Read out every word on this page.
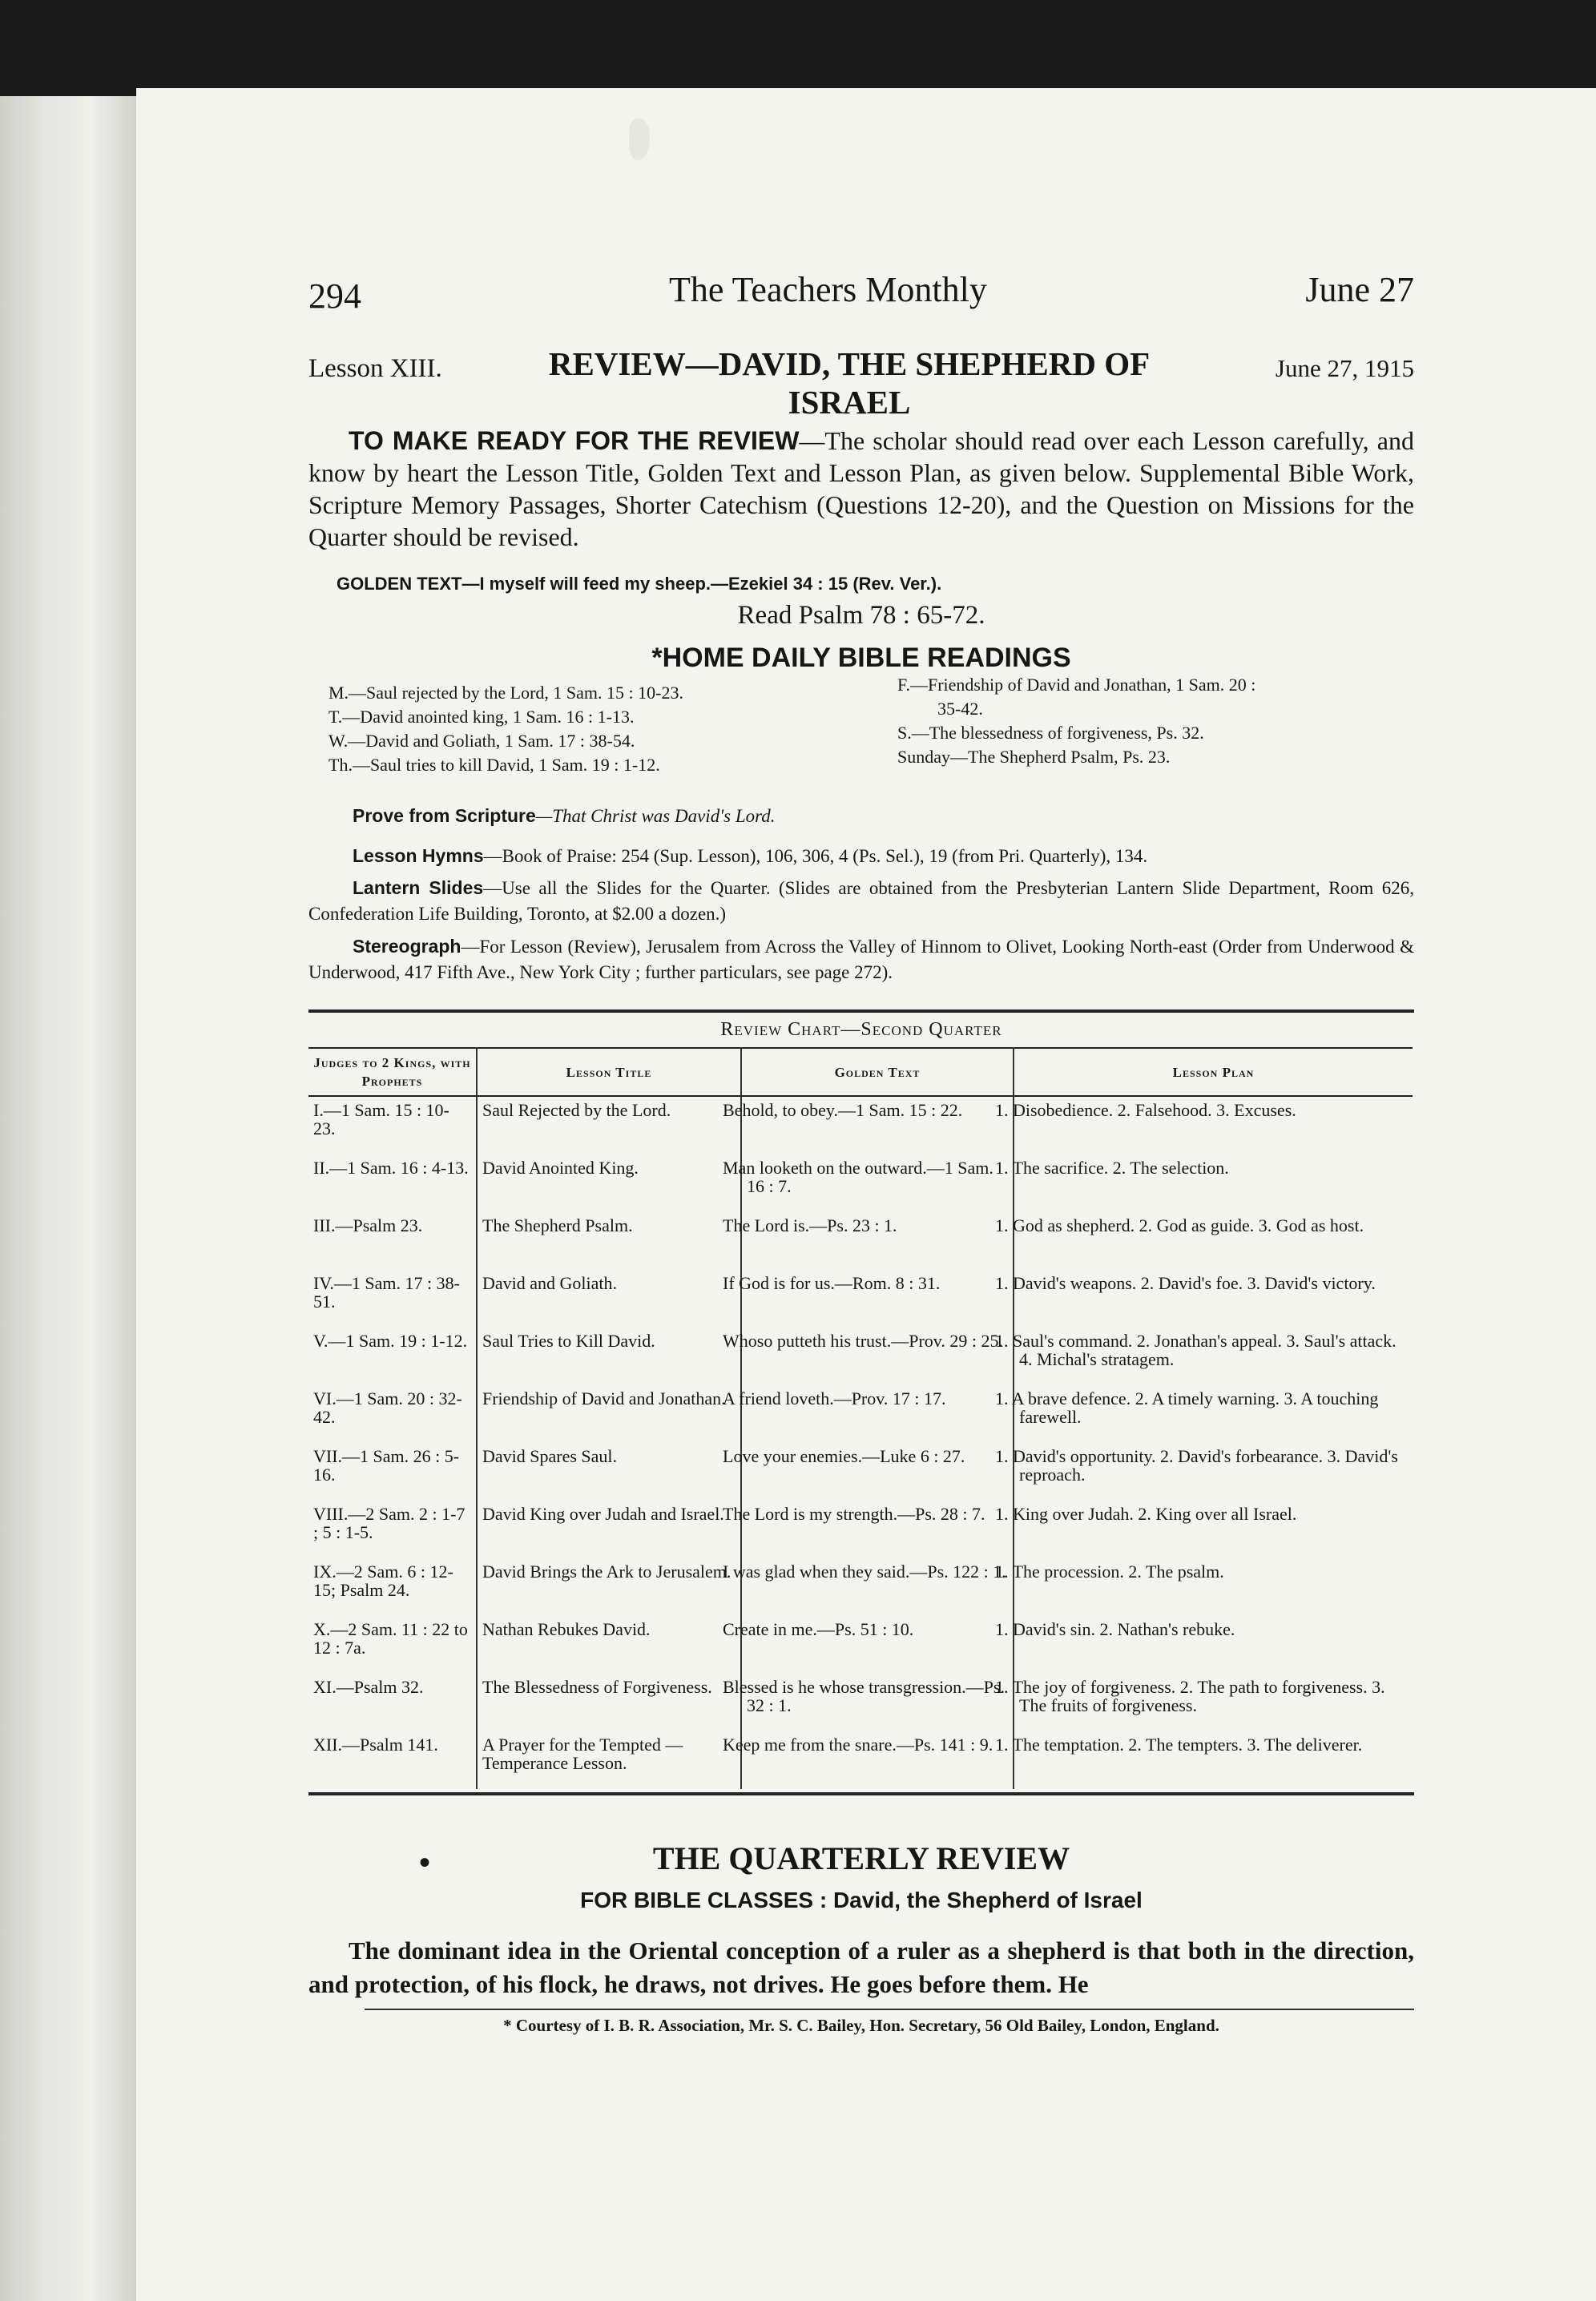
294	The Teachers Monthly	June 27
Lesson XIII.	REVIEW—DAVID, THE SHEPHERD OF
ISRAEL
June 27, 1915
TO MAKE READY FOR THE REVIEW—The scholar should read over each Lesson carefully, and know by heart the Lesson Title, Golden Text and Lesson Plan, as given below. Supplemental Bible Work, Scripture Memory Passages, Shorter Catechism (Questions 12-20), and the Question on Missions for the Quarter should be revised.
GOLDEN TEXT—I myself will feed my sheep.—Ezekiel 34 : 15 (Rev. Ver.).
Read Psalm 78 : 65-72.
*HOME DAILY BIBLE READINGS
M.—Saul rejected by the Lord, 1 Sam. 15 : 10-23.
T.—David anointed king, 1 Sam. 16 : 1-13.
W.—David and Goliath, 1 Sam. 17 : 38-54.
Th.—Saul tries to kill David, 1 Sam. 19 : 1-12.
F.—Friendship of David and Jonathan, 1 Sam. 20 :
35-42.
S.—The blessedness of forgiveness, Ps. 32.
Sunday—The Shepherd Psalm, Ps. 23.
Prove from Scripture—That Christ was David's Lord.
Lesson Hymns—Book of Praise: 254 (Sup. Lesson), 106, 306, 4 (Ps. Sel.), 19 (from Pri. Quarterly), 134.
Lantern Slides—Use all the Slides for the Quarter. (Slides are obtained from the Presbyterian Lantern Slide Department, Room 626, Confederation Life Building, Toronto, at $2.00 a dozen.)
Stereograph—For Lesson (Review), Jerusalem from Across the Valley of Hinnom to Olivet, Looking North-east (Order from Underwood & Underwood, 417 Fifth Ave., New York City ; further particulars, see page 272).
Review Chart—Second Quarter
Judges to 2 Kings, with Prophets	Lesson Title	Golden Text	Lesson Plan
I.—1 Sam. 15 : 10-23.	Saul Rejected by the Lord.	Behold, to obey.—1 Sam. 15 : 22.	1. Disobedience. 2. Falsehood. 3. Excuses.
II.—1 Sam. 16 : 4-13.	David Anointed King.	Man looketh on the outward.—1 Sam. 16 : 7.	1. The sacrifice. 2. The selection.
III.—Psalm 23.	The Shepherd Psalm.	The Lord is.—Ps. 23 : 1.	1. God as shepherd. 2. God as guide. 3. God as host.
IV.—1 Sam. 17 : 38-51.	David and Goliath.	If God is for us.—Rom. 8 : 31.	1. David's weapons. 2. David's foe. 3. David's victory.
V.—1 Sam. 19 : 1-12.	Saul Tries to Kill David.	Whoso putteth his trust.—Prov. 29 : 25.	1. Saul's command. 2. Jonathan's appeal. 3. Saul's attack. 4. Michal's stratagem.
VI.—1 Sam. 20 : 32-42.	Friendship of David and Jonathan.	A friend loveth.—Prov. 17 : 17.	1. A brave defence. 2. A timely warning. 3. A touching farewell.
VII.—1 Sam. 26 : 5-16.	David Spares Saul.	Love your enemies.—Luke 6 : 27.	1. David's opportunity. 2. David's forbearance. 3. David's reproach.
VIII.—2 Sam. 2 : 1-7 ; 5 : 1-5.	David King over Judah and Israel.	The Lord is my strength.—Ps. 28 : 7.	1. King over Judah. 2. King over all Israel.
IX.—2 Sam. 6 : 12-15; Psalm 24.	David Brings the Ark to Jerusalem.	I was glad when they said.—Ps. 122 : 1.	1. The procession. 2. The psalm.
X.—2 Sam. 11 : 22 to 12 : 7a.	Nathan Rebukes David.	Create in me.—Ps. 51 : 10.	1. David's sin. 2. Nathan's rebuke.
XI.—Psalm 32.	The Blessedness of Forgiveness.	Blessed is he whose transgression.—Ps. 32 : 1.	1. The joy of forgiveness. 2. The path to forgiveness. 3. The fruits of forgiveness.
XII.—Psalm 141.	A Prayer for the Tempted —Temperance Lesson.	Keep me from the snare.—Ps. 141 : 9.	1. The temptation. 2. The tempters. 3. The deliverer.
•	THE QUARTERLY REVIEW
FOR BIBLE CLASSES : David, the Shepherd of Israel
The dominant idea in the Oriental conception of a ruler as a shepherd is that both in the direction, and protection, of his flock, he draws, not drives. He goes before them. He
* Courtesy of I. B. R. Association, Mr. S. C. Bailey, Hon. Secretary, 56 Old Bailey, London, England.
